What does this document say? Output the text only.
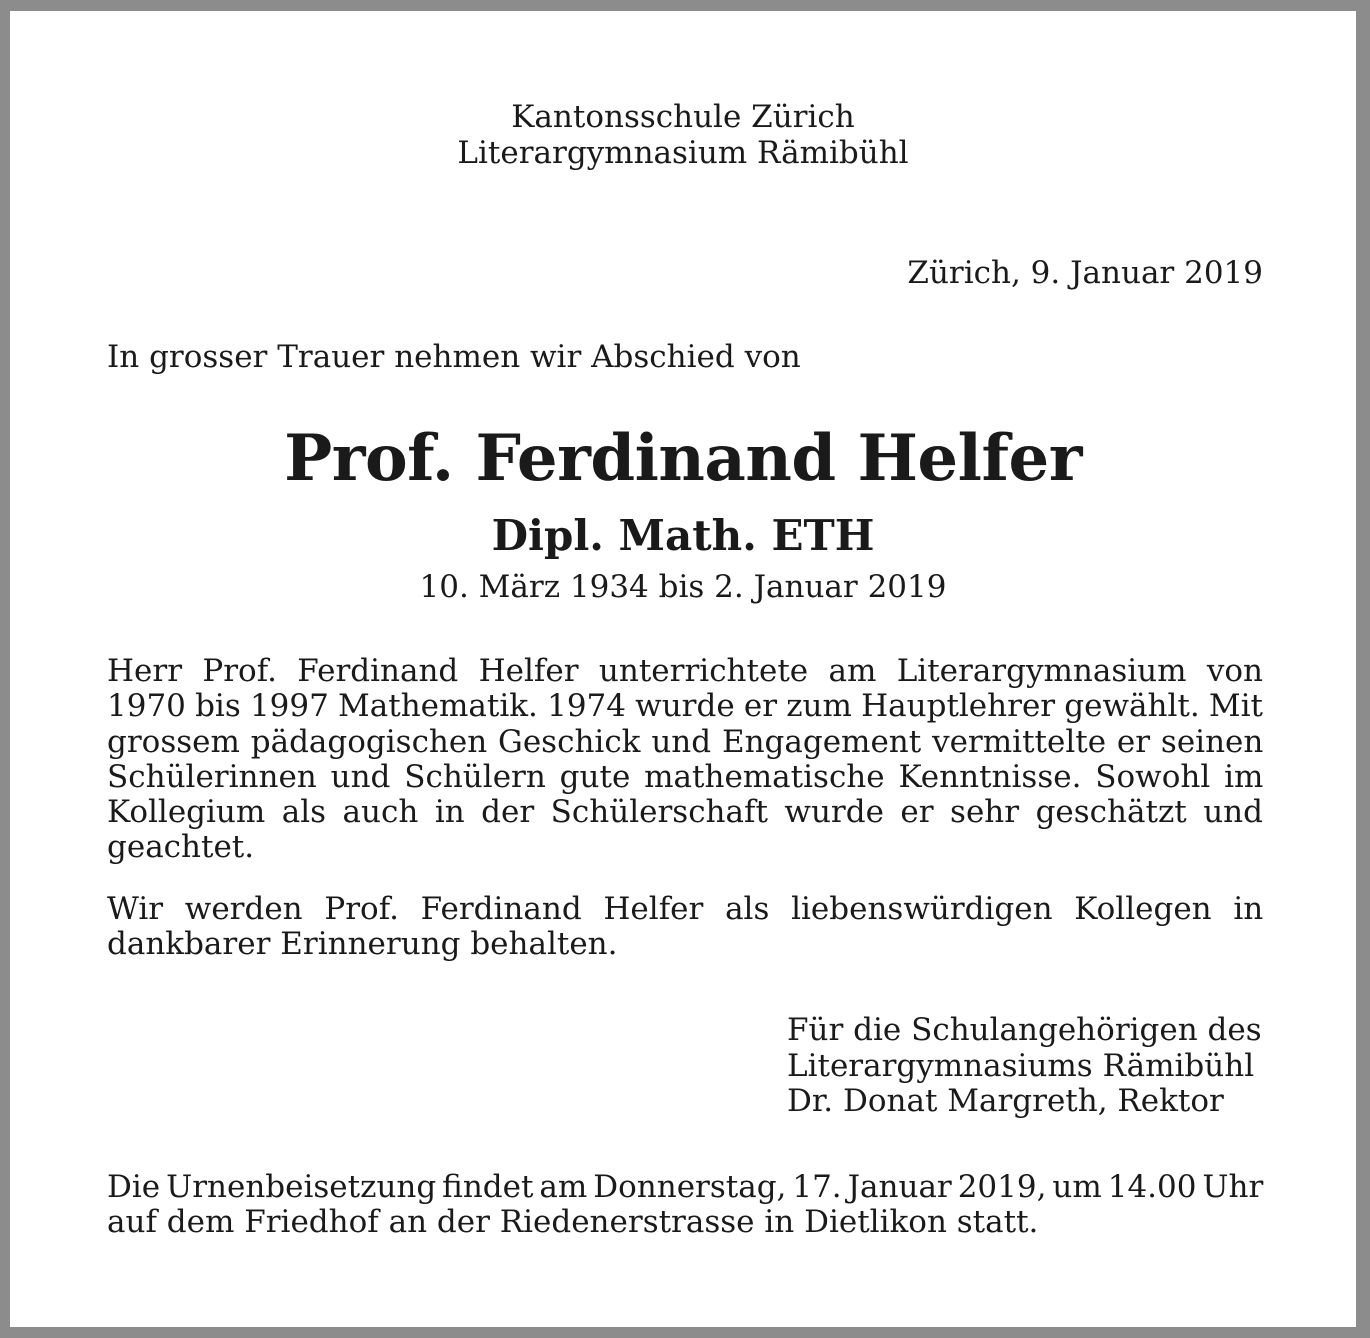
Kantonsschule Zürich

Literargymnasium Rämibühl

Zürich, 9. Januar 2019

In grosser Trauer nehmen wir Abschied von

Prof. Ferdinand Helfer

Dipl. Math. ETH

10. März 1934 bis 2. Januar 2019

Herr Prof. Ferdinand Helfer unterrichtete am Literargymnasium von
1970 bis 1997 Mathematik. 1974 wurde er zum Hauptlehrer gewählt. Mit
grossem pädagogischen Geschick und Engagement vermittelte er seinen
Schülerinnen und Schülern gute mathematische Kenntnisse. Sowohl im
Kollegium als auch in der Schülerschaft wurde er sehr geschätzt und
geachtet.
Wir werden Prof. Ferdinand Helfer als liebenswürdigen Kollegen in
dankbarer Erinnerung behalten.
Für die Schulangehörigen des
Literargymnasiums Rämibühl
Dr. Donat Margreth, Rektor
Die Urnenbeisetzung findet am Donnerstag, 17. Januar 2019, um 14.00 Uhr
auf dem Friedhof an der Riedenerstrasse in Dietlikon statt.
